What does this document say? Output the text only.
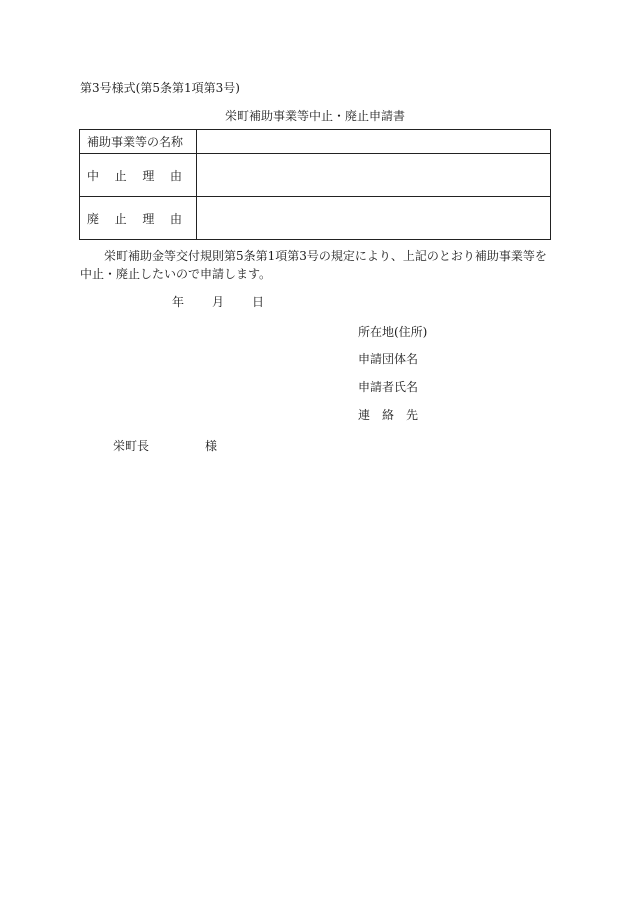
第3号様式(第5条第1項第3号)
栄町補助事業等中止・廃止申請書
補助事業等の名称	

中 止 理 由	

廃 止 理 由	

栄町補助金等交付規則第5条第1項第3号の規定により、上記のとおり補助事業等を中止・廃止したいので申請します。
年 月 日
所在地(住所)
申請団体名
申請者氏名
連　絡　先
栄町長	様
